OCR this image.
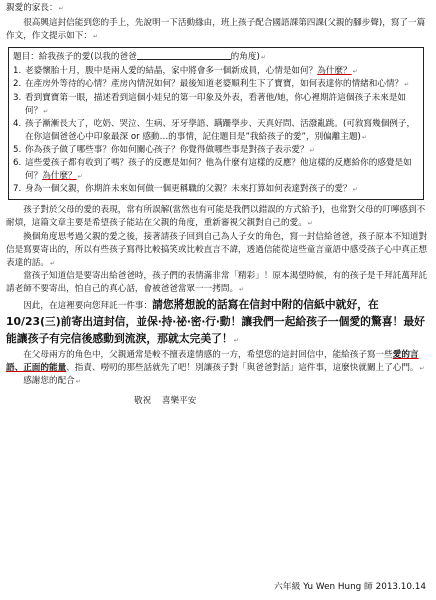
親愛的家長：↵

很高興這封信能到您的手上，先說明一下活動緣由，班上孩子配合國語課第四課(父親的腳步聲)，寫了一篇作文，作文提示如下：↵

題目：給我孩子的愛(以我的爸爸	的角度)↵
1. 老婆懷胎十月，腹中是兩人愛的結晶，家中將會多一個新成員，心情是如何？為什麼？↵
2. 在產房外等待的心情？產房內情況如何？最後知道老婆順利生下了寶寶，如何表達你的情緒和心情？↵
3. 看到寶寶第一眼，描述看到這個小娃兒的第一印象及外表，看著他/她，你心裡期許這個孩子未來是如何？↵
4. 孩子漸漸長大了，吃奶、哭泣、生病、牙牙學語、蹒跚學步、天真好問、活潑亂跳。(可敘寫幾個例子，在你這個爸爸心中印象最深 or 感動…的事情，記住題目是”我給孩子的愛”，別偏離主題)↵
5. 你為孩子做了哪些事？你如何關心孩子？你覺得做哪些事是對孩子表示愛？↵
6. 這些愛孩子都有收到了嗎？孩子的反應是如何？他為什麼有這樣的反應？他這樣的反應給你的感覺是如何？為什麼？↵
7. 身為一個父親，你期許未來如何做一個更稱職的父親？未來打算如何表達對孩子的愛？↵

孩子對於父母的愛的表現，常有所誤解(當然也有可能是我們以錯誤的方式給予)，也常對父母的叮嚀感到不耐煩，這篇文章主要是希望孩子能站在父親的角度，重新審視父親對自己的愛。↵

換個角度思考過父親的愛之後，接著請孩子回到自己為人子女的角色，寫一封信給爸爸，孩子原本不知道對信是寫要寄出的，所以有些孩子寫得比較搞笑或比較直言不諱，透過信能從這些童言童語中感受孩子心中真正想表達的話。↵

當孩子知道信是要寄出給爸爸時，孩子們的表情滿非常「精彩」！原本渴望時候，有的孩子是千拜託萬拜託請老師不要寄出，怕自己的真心話，會被爸爸當眾一一拷問。↵

因此，在這裡要向您拜託一件事：請您將想說的話寫在信封中附的信紙中就好，在10/23(三)前寄出這封信，並保‧持‧祕‧密‧行‧動！讓我們一起給孩子一個愛的驚喜！最好能讓孩子有完信後感動到流淚，那就太完美了！↵

在父母兩方的角色中，父親通常是較不擅表達情感的一方，希望您的這封回信中，能給孩子寫一些愛的言語、正面的能量、指責、嘮叨的那些話就先了吧！別讓孩子對「與爸爸對話」這件事，這麼快就關上了心門。↵

感謝您的配合↵

敬祝 喜樂平安
六年級 Yu Wen Hung 師 2013.10.14
